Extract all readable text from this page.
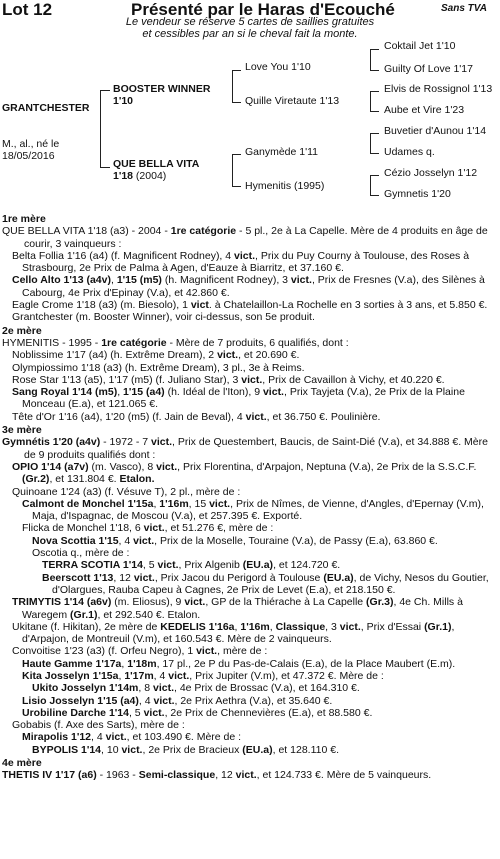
Lot 12	Présenté par le Haras d'Ecouché	Sans TVA
Le vendeur se réserve 5 cartes de saillies gratuites
et cessibles par an si le cheval fait la monte.
GRANTCHESTER
M., al., né le
18/05/2016
BOOSTER WINNER
1'10
QUE BELLA VITA
1'18 (2004)
Love You 1'10
Quille Viretaute 1'13
Ganymède 1'11
Hymenitis (1995)
Coktail Jet 1'10
Guilty Of Love 1'17
Elvis de Rossignol 1'13
Aube et Vire 1'23
Buvetier d'Aunou 1'14
Udames q.
Cézio Josselyn 1'12
Gymnetis 1'20
1re mère

QUE BELLA VITA 1'18 (a3) - 2004 - 1re catégorie - 5 pl., 2e à La Capelle. Mère de 4 produits en âge de courir, 3 vainqueurs :

Belta Follia 1'16 (a4) (f. Magnificent Rodney), 4 vict., Prix du Puy Courny à Toulouse, des Roses à Strasbourg, 2e Prix de Palma à Agen, d'Eauze à Biarritz, et 37.160 €.

Cello Alto 1'13 (a4v), 1'15 (m5) (h. Magnificent Rodney), 3 vict., Prix de Fresnes (V.a), des Silènes à Cabourg, 4e Prix d'Epinay (V.a), et 42.860 €.

Eagle Crome 1'18 (a3) (m. Biesolo), 1 vict. à Chatelaillon-La Rochelle en 3 sorties à 3 ans, et 5.850 €.

Grantchester (m. Booster Winner), voir ci-dessus, son 5e produit.

2e mère

HYMENITIS - 1995 - 1re catégorie - Mère de 7 produits, 6 qualifiés, dont :

Noblissime 1'17 (a4) (h. Extrême Dream), 2 vict., et 20.690 €.

Olympiossimo 1'18 (a3) (h. Extrême Dream), 3 pl., 3e à Reims.

Rose Star 1'13 (a5), 1'17 (m5) (f. Juliano Star), 3 vict., Prix de Cavaillon à Vichy, et 40.220 €.

Sang Royal 1'14 (m5), 1'15 (a4) (h. Idéal de l'Iton), 9 vict., Prix Tayjeta (V.a), 2e Prix de la Plaine Monceau (E.a), et 121.065 €.

Tête d'Or 1'16 (a4), 1'20 (m5) (f. Jain de Beval), 4 vict., et 36.750 €. Poulinière.

3e mère

Gymnétis 1'20 (a4v) - 1972 - 7 vict., Prix de Questembert, Baucis, de Saint-Dié (V.a), et 34.888 €. Mère de 9 produits qualifiés dont :

OPIO 1'14 (a7v) (m. Vasco), 8 vict., Prix Florentina, d'Arpajon, Neptuna (V.a), 2e Prix de la S.S.C.F. (Gr.2), et 131.804 €. Etalon.

Quinoane 1'24 (a3) (f. Vésuve T), 2 pl., mère de :

Calmont de Monchel 1'15a, 1'16m, 15 vict., Prix de Nîmes, de Vienne, d'Angles, d'Epernay (V.m), Maja, d'Ispagnac, de Moscou (V.a), et 257.395 €. Exporté.

Flicka de Monchel 1'18, 6 vict., et 51.276 €, mère de :

Nova Scottia 1'15, 4 vict., Prix de la Moselle, Touraine (V.a), de Passy (E.a), 63.860 €.

Oscotia q., mère de :

TERRA SCOTIA 1'14, 5 vict., Prix Algenib (EU.a), et 124.720 €.

Beerscott 1'13, 12 vict., Prix Jacou du Perigord à Toulouse (EU.a), de Vichy, Nesos du Goutier, d'Olargues, Rauba Capeu à Cagnes, 2e Prix de Levet (E.a), et 218.150 €.

TRIMYTIS 1'14 (a6v) (m. Eliosus), 9 vict., GP de la Thiérache à La Capelle (Gr.3), 4e Ch. Mills à Waregem (Gr.1), et 292.540 €. Etalon.

Ukitane (f. Hikitan), 2e mère de KEDELIS 1'16a, 1'16m, Classique, 3 vict., Prix d'Essai (Gr.1), d'Arpajon, de Montreuil (V.m), et 160.543 €. Mère de 2 vainqueurs.

Convoitise 1'23 (a3) (f. Orfeu Negro), 1 vict., mère de :

Haute Gamme 1'17a, 1'18m, 17 pl., 2e P du Pas-de-Calais (E.a), de la Place Maubert (E.m).

Kita Josselyn 1'15a, 1'17m, 4 vict., Prix Jupiter (V.m), et 47.372 €. Mère de :

Ukito Josselyn 1'14m, 8 vict., 4e Prix de Brossac (V.a), et 164.310 €.

Lisio Josselyn 1'15 (a4), 4 vict., 2e Prix Aethra (V.a), et 35.640 €.

Urobiline Darche 1'14, 5 vict., 2e Prix de Chennevières (E.a), et 88.580 €.

Gobabis (f. Axe des Sarts), mère de :

Mirapolis 1'12, 4 vict., et 103.490 €. Mère de :

BYPOLIS 1'14, 10 vict., 2e Prix de Bracieux (EU.a), et 128.110 €.

4e mère

THETIS IV 1'17 (a6) - 1963 - Semi-classique, 12 vict., et 124.733 €. Mère de 5 vainqueurs.
